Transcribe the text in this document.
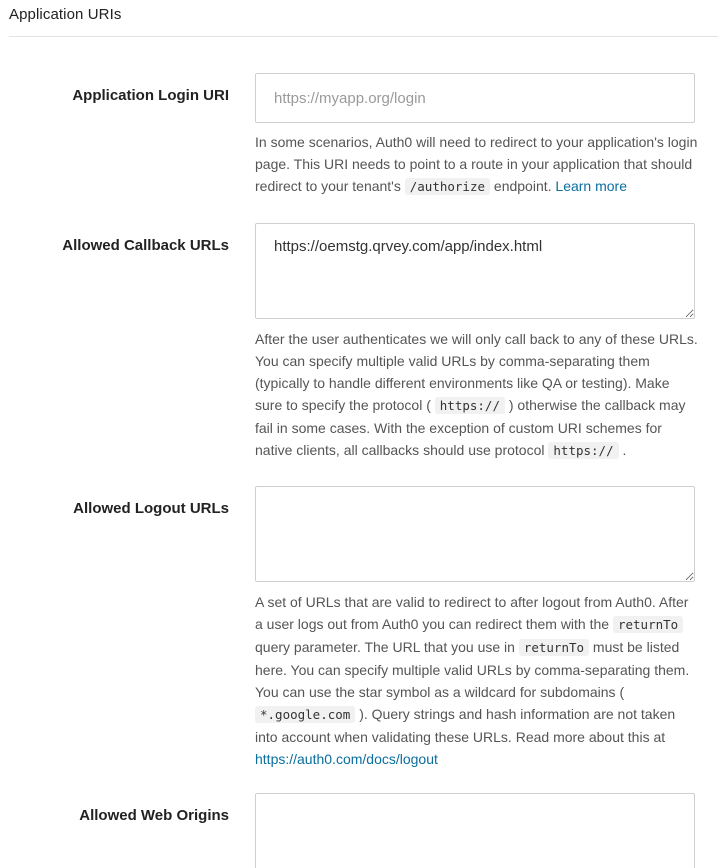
Application URIs
Application Login URI
https://myapp.org/login

In some scenarios, Auth0 will need to redirect to your application's login page. This URI needs to point to a route in your application that should redirect to your tenant's /authorize endpoint. Learn more

Allowed Callback URLs
https://oemstg.qrvey.com/app/index.html

After the user authenticates we will only call back to any of these URLs. You can specify multiple valid URLs by comma-separating them (typically to handle different environments like QA or testing). Make sure to specify the protocol ( https:// ) otherwise the callback may fail in some cases. With the exception of custom URI schemes for native clients, all callbacks should use protocol https:// .

Allowed Logout URLs

A set of URLs that are valid to redirect to after logout from Auth0. After a user logs out from Auth0 you can redirect them with the returnTo query parameter. The URL that you use in returnTo must be listed here. You can specify multiple valid URLs by comma-separating them. You can use the star symbol as a wildcard for subdomains ( *.google.com ). Query strings and hash information are not taken into account when validating these URLs. Read more about this at https://auth0.com/docs/logout

Allowed Web Origins
